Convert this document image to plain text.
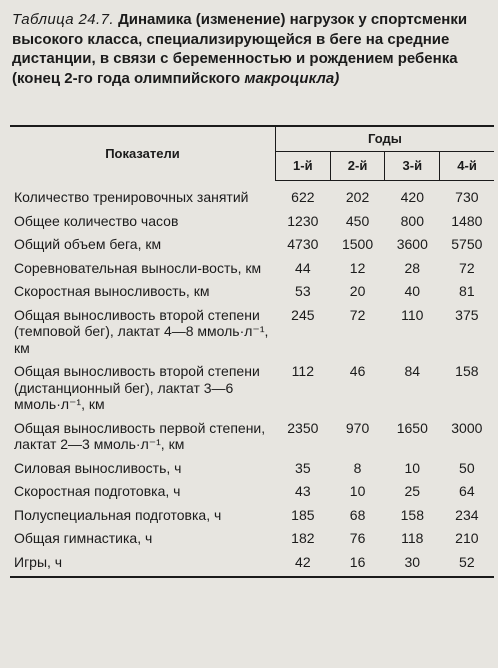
Таблица 24.7. Динамика (изменение) нагрузок у спортсменки высокого класса, специализирующейся в беге на средние дистанции, в связи с беременностью и рождением ребенка (конец 2-го года олимпийского макроцикла)
Показатели	Годы			
	1-й	2-й	3-й	4-й
Количество тренировочных занятий	622	202	420	730
Общее количество часов	1230	450	800	1480
Общий объем бега, км	4730	1500	3600	5750
Соревновательная выносли-вость, км	44	12	28	72
Скоростная выносливость, км	53	20	40	81
Общая выносливость второй степени (темповой бег), лактат 4—8 ммоль·л⁻¹, км	245	72	110	375
Общая выносливость второй степени (дистанционный бег), лактат 3—6 ммоль·л⁻¹, км	112	46	84	158
Общая выносливость первой степени, лактат 2—3 ммоль·л⁻¹, км	2350	970	1650	3000
Силовая выносливость, ч	35	8	10	50
Скоростная подготовка, ч	43	10	25	64
Полуспециальная подготовка, ч	185	68	158	234
Общая гимнастика, ч	182	76	118	210
Игры, ч	42	16	30	52
